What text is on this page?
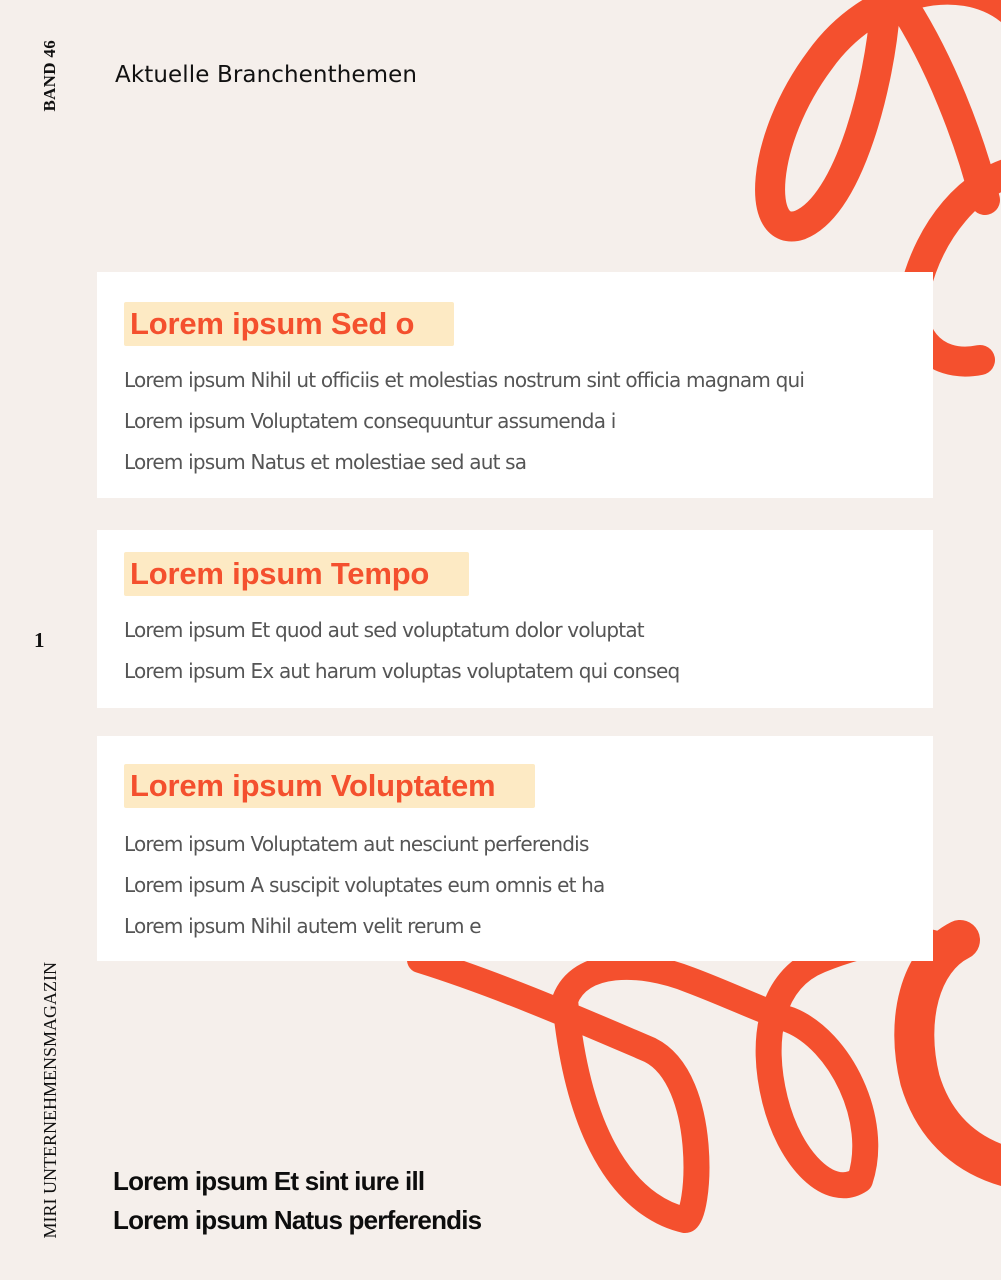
BAND 46
1
MIRI UNTERNEHMENSMAGAZIN
Aktuelle Branchenthemen
Lorem ipsum Sed o

Lorem ipsum Nihil ut officiis et molestias nostrum sint officia magnam qui

Lorem ipsum Voluptatem consequuntur assumenda i

Lorem ipsum Natus et molestiae sed aut sa

Lorem ipsum Tempo

Lorem ipsum Et quod aut sed voluptatum dolor voluptat

Lorem ipsum Ex aut harum voluptas voluptatem qui conseq

Lorem ipsum Voluptatem

Lorem ipsum Voluptatem aut nesciunt perferendis

Lorem ipsum A suscipit voluptates eum omnis et ha

Lorem ipsum Nihil autem velit rerum e

Lorem ipsum Et sint iure ill
Lorem ipsum Natus perferendis
